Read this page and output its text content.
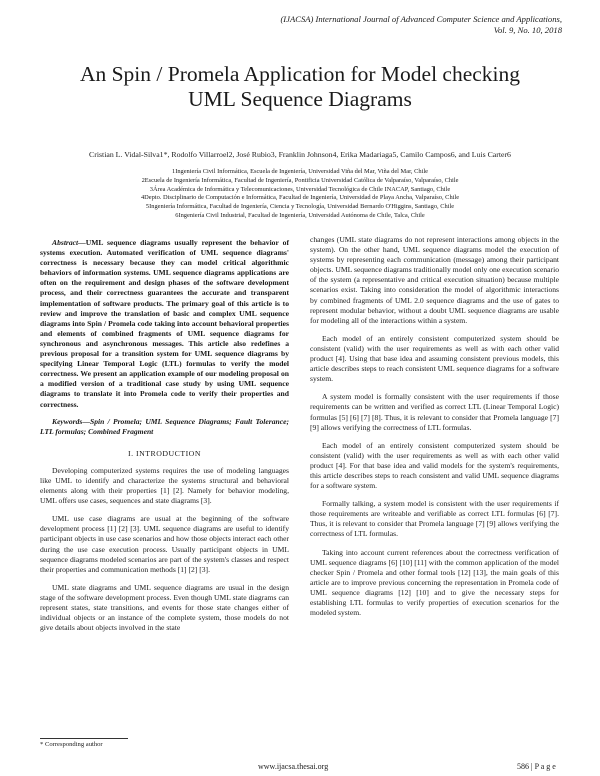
(IJACSA) International Journal of Advanced Computer Science and Applications,
Vol. 9, No. 10, 2018
An Spin / Promela Application for Model checking
UML Sequence Diagrams
Cristian L. Vidal-Silva1*, Rodolfo Villarroel2, José Rubio3, Franklin Johnson4, Erika Madariaga5, Camilo Campos6, and Luis Carter6
1Ingeniería Civil Informática, Escuela de Ingeniería, Universidad Viña del Mar, Viña del Mar, Chile
2Escuela de Ingeniería Informática, Facultad de Ingeniería, Pontificia Universidad Católica de Valparaíso, Valparaíso, Chile
3Área Académica de Informática y Telecomunicaciones, Universidad Tecnológica de Chile INACAP, Santiago, Chile
4Depto. Disciplinario de Computación e Informática, Facultad de Ingeniería, Universidad de Playa Ancha, Valparaíso, Chile
5Ingeniería Informática, Facultad de Ingeniería, Ciencia y Tecnología, Universidad Bernardo O'Higgins, Santiago, Chile
6Ingeniería Civil Industrial, Facultad de Ingeniería, Universidad Autónoma de Chile, Talca, Chile

Abstract—UML sequence diagrams usually represent the behavior of systems execution. Automated verification of UML sequence diagrams' correctness is necessary because they can model critical algorithmic behaviors of information systems. UML sequence diagrams applications are often on the requirement and design phases of the software development process, and their correctness guarantees the accurate and transparent implementation of software products. The primary goal of this article is to review and improve the translation of basic and complex UML sequence diagrams into Spin / Promela code taking into account behavioral properties and elements of combined fragments of UML sequence diagrams for synchronous and asynchronous messages. This article also redefines a previous proposal for a transition system for UML sequence diagrams by specifying Linear Temporal Logic (LTL) formulas to verify the model correctness. We present an application example of our modeling proposal on a modified version of a traditional case study by using UML sequence diagrams to translate it into Promela code to verify their properties and correctness.

Keywords—Spin / Promela; UML Sequence Diagrams; Fault Tolerance; LTL formulas; Combined Fragment

I. INTRODUCTION

Developing computerized systems requires the use of modeling languages like UML to identify and characterize the systems structural and behavioral elements along with their properties [1] [2]. Namely for behavior modeling, UML offers use cases, sequences and state diagrams [3].

UML use case diagrams are usual at the beginning of the software development process [1] [2] [3]. UML sequence diagrams are useful to identify participant objects in use case scenarios and how those objects interact each other during the use case execution process. Usually participant objects in UML sequence diagrams modeled scenarios are part of the system's classes and respect their properties and communication methods [1] [2] [3].

UML state diagrams and UML sequence diagrams are usual in the design stage of the software development process. Even though UML state diagrams can represent states, state transitions, and events for those state changes either of individual objects or an instance of the complete system, those models do not give details about objects involved in the state

changes (UML state diagrams do not represent interactions among objects in the system). On the other hand, UML sequence diagrams model the execution of systems by representing each communication (message) among their participant objects. UML sequence diagrams traditionally model only one execution scenario of the system (a representative and critical execution situation) because multiple scenarios exist. Taking into consideration the model of algorithmic interactions by combined fragments of UML 2.0 sequence diagrams and the use of gates to represent modular behavior, without a doubt UML sequence diagrams are usable for modeling all of the interactions within a system.

Each model of an entirely consistent computerized system should be consistent (valid) with the user requirements as well as with each other valid product [4]. Using that base idea and assuming consistent previous models, this article describes steps to reach consistent UML sequence diagrams for a software system.

A system model is formally consistent with the user requirements if those requirements can be written and verified as correct LTL (Linear Temporal Logic) formulas [5] [6] [7] [8]. Thus, it is relevant to consider that Promela language [7] [9] allows verifying the correctness of LTL formulas.

Each model of an entirely consistent computerized system should be consistent (valid) with the user requirements as well as with each other valid product [4]. For that base idea and valid models for the system's requirements, this article describes steps to reach consistent and valid UML sequence diagrams for a software system.

Formally talking, a system model is consistent with the user requirements if those requirements are writeable and verifiable as correct LTL formulas [6] [7]. Thus, it is relevant to consider that Promela language [7] [9] allows verifying the correctness of LTL formulas.

Taking into account current references about the correctness verification of UML sequence diagrams [6] [10] [11] with the common application of the model checker Spin / Promela and other formal tools [12] [13], the main goals of this article are to improve previous concerning the representation in Promela code of UML sequence diagrams [12] [10] and to give the necessary steps for establishing LTL formulas to verify properties of execution scenarios for the modeled system.

* Corresponding author
www.ijacsa.thesai.org	586 | P a g e
